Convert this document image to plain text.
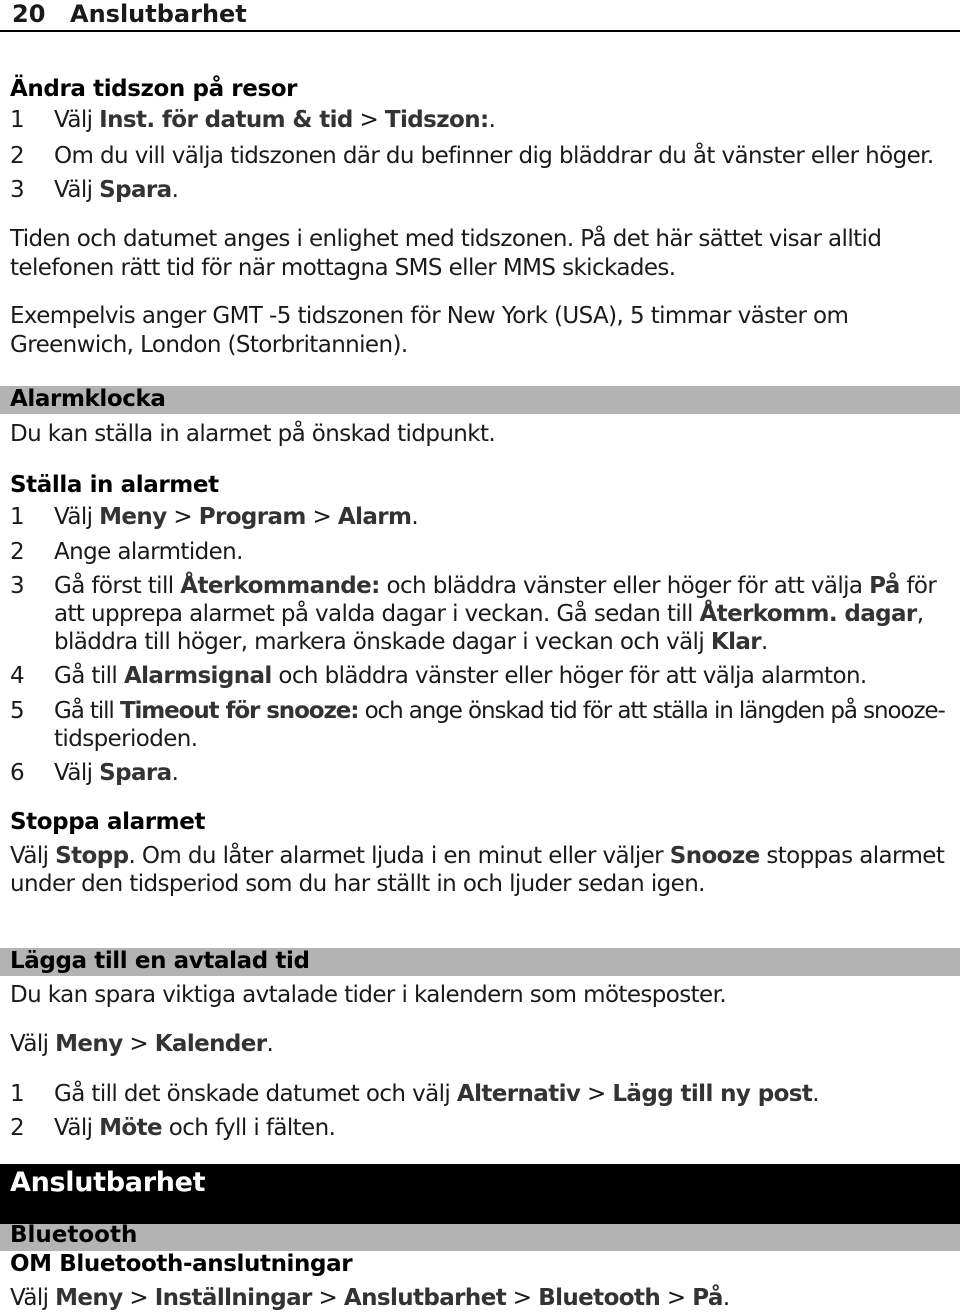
20 Anslutbarhet
Ändra tidszon på resor
1 Välj Inst. för datum & tid > Tidszon:.
2 Om du vill välja tidszonen där du befinner dig bläddrar du åt vänster eller höger.
3 Välj Spara.
Tiden och datumet anges i enlighet med tidszonen. På det här sättet visar alltid
telefonen rätt tid för när mottagna SMS eller MMS skickades.
Exempelvis anger GMT -5 tidszonen för New York (USA), 5 timmar väster om
Greenwich, London (Storbritannien).
Alarmklocka
Du kan ställa in alarmet på önskad tidpunkt.
Ställa in alarmet
1 Välj Meny > Program > Alarm.
2 Ange alarmtiden.
3 Gå först till Återkommande: och bläddra vänster eller höger för att välja På för
att upprepa alarmet på valda dagar i veckan. Gå sedan till Återkomm. dagar,
bläddra till höger, markera önskade dagar i veckan och välj Klar.
4 Gå till Alarmsignal och bläddra vänster eller höger för att välja alarmton.
5 Gå till Timeout för snooze: och ange önskad tid för att ställa in längden på snooze-
tidsperioden.
6 Välj Spara.
Stoppa alarmet
Välj Stopp. Om du låter alarmet ljuda i en minut eller väljer Snooze stoppas alarmet
under den tidsperiod som du har ställt in och ljuder sedan igen.
Lägga till en avtalad tid
Du kan spara viktiga avtalade tider i kalendern som mötesposter.
Välj Meny > Kalender.
1 Gå till det önskade datumet och välj Alternativ > Lägg till ny post.
2 Välj Möte och fyll i fälten.
Anslutbarhet
Bluetooth
OM Bluetooth-anslutningar
Välj Meny > Inställningar > Anslutbarhet > Bluetooth > På.
